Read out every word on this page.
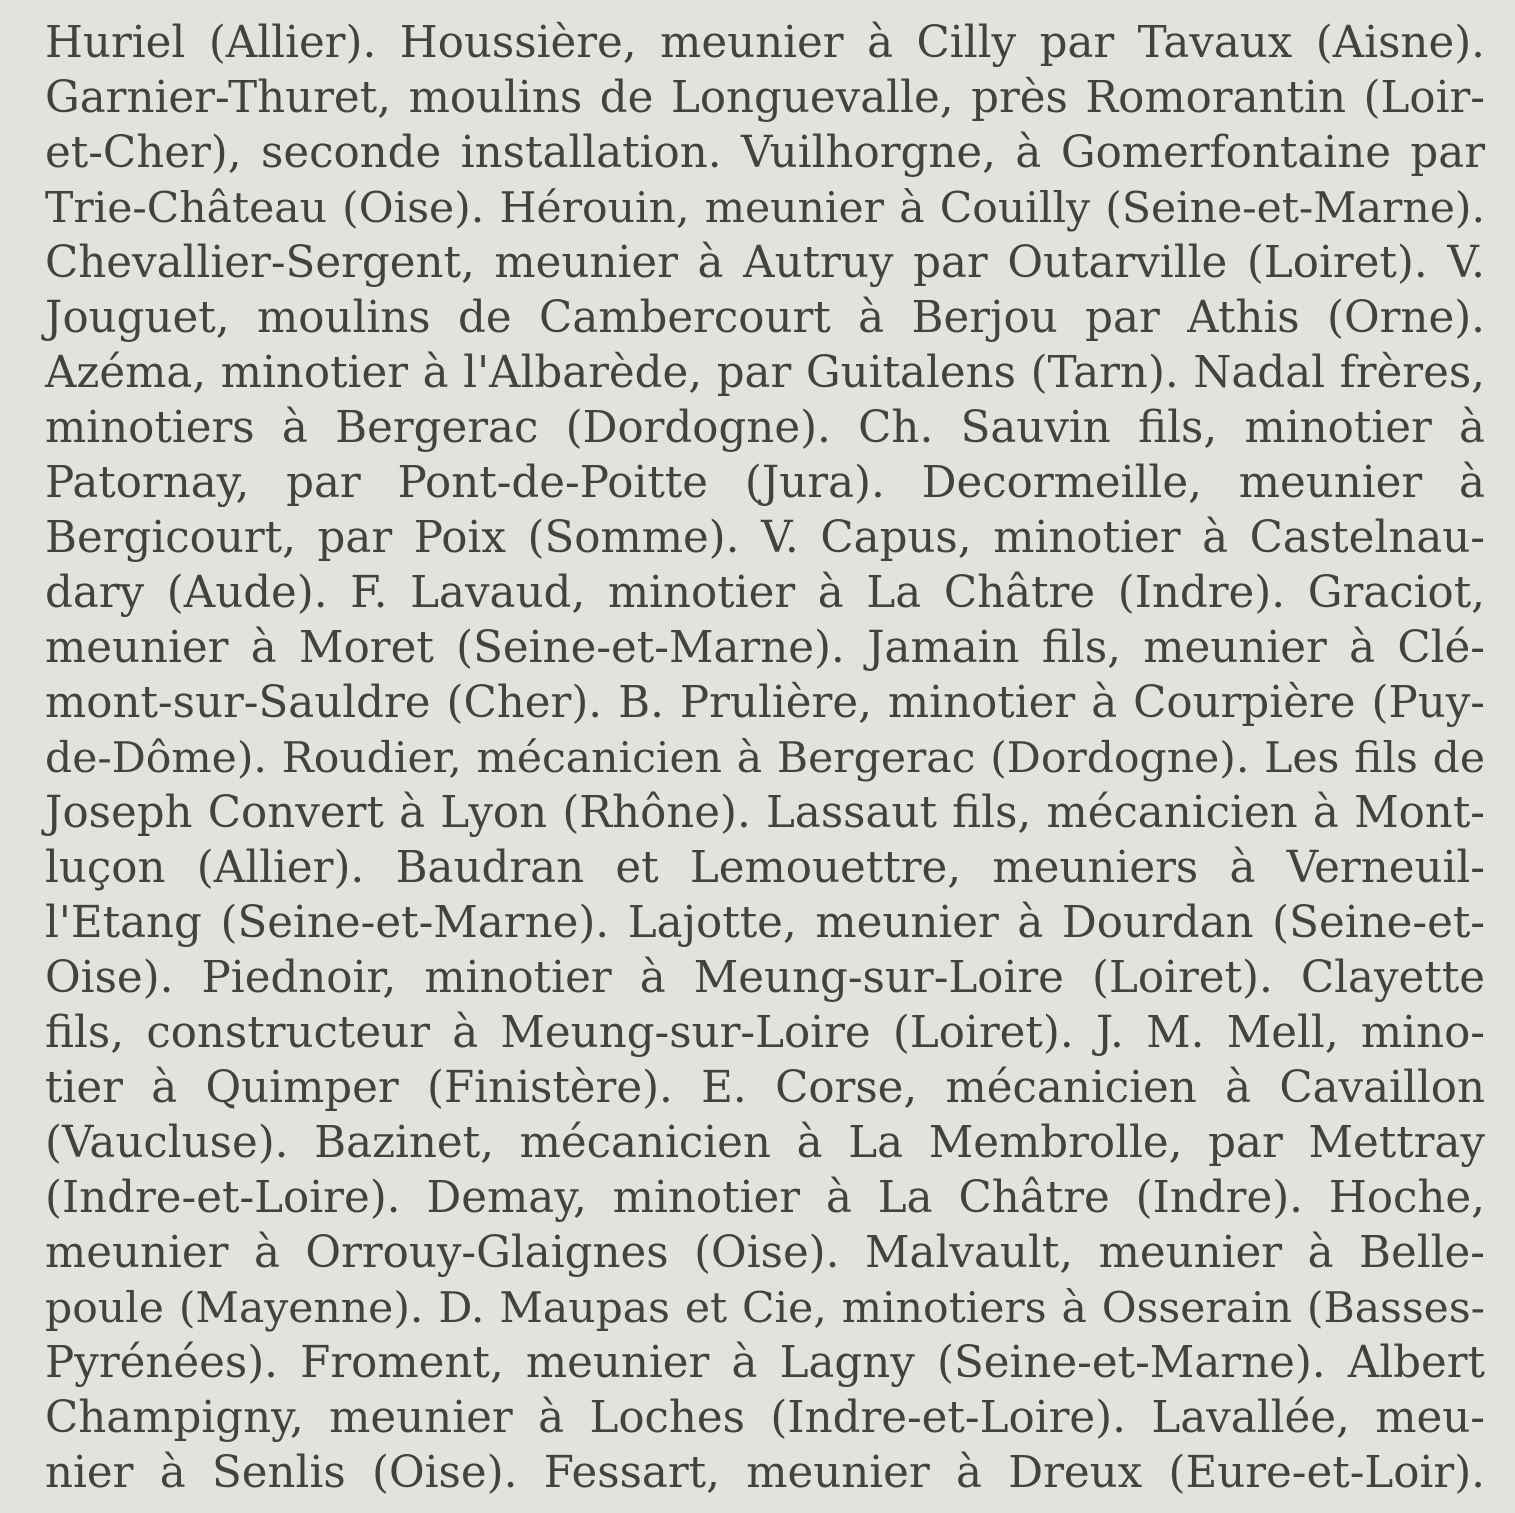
Huriel (Allier). Houssière, meunier à Cilly par Tavaux (Aisne).
Garnier-Thuret, moulins de Longuevalle, près Romorantin (Loir-
et-Cher), seconde installation. Vuilhorgne, à Gomerfontaine par
Trie-Château (Oise). Hérouin, meunier à Couilly (Seine-et-Marne).
Chevallier-Sergent, meunier à Autruy par Outarville (Loiret). V.
Jouguet, moulins de Cambercourt à Berjou par Athis (Orne).
Azéma, minotier à l'Albarède, par Guitalens (Tarn). Nadal frères,
minotiers à Bergerac (Dordogne). Ch. Sauvin fils, minotier à
Patornay, par Pont-de-Poitte (Jura). Decormeille, meunier à
Bergicourt, par Poix (Somme). V. Capus, minotier à Castelnau-
dary (Aude). F. Lavaud, minotier à La Châtre (Indre). Graciot,
meunier à Moret (Seine-et-Marne). Jamain fils, meunier à Clé-
mont-sur-Sauldre (Cher). B. Prulière, minotier à Courpière (Puy-
de-Dôme). Roudier, mécanicien à Bergerac (Dordogne). Les fils de
Joseph Convert à Lyon (Rhône). Lassaut fils, mécanicien à Mont-
luçon (Allier). Baudran et Lemouettre, meuniers à Verneuil-
l'Etang (Seine-et-Marne). Lajotte, meunier à Dourdan (Seine-et-
Oise). Piednoir, minotier à Meung-sur-Loire (Loiret). Clayette
fils, constructeur à Meung-sur-Loire (Loiret). J. M. Mell, mino-
tier à Quimper (Finistère). E. Corse, mécanicien à Cavaillon
(Vaucluse). Bazinet, mécanicien à La Membrolle, par Mettray
(Indre-et-Loire). Demay, minotier à La Châtre (Indre). Hoche,
meunier à Orrouy-Glaignes (Oise). Malvault, meunier à Belle-
poule (Mayenne). D. Maupas et Cie, minotiers à Osserain (Basses-
Pyrénées). Froment, meunier à Lagny (Seine-et-Marne). Albert
Champigny, meunier à Loches (Indre-et-Loire). Lavallée, meu-
nier à Senlis (Oise). Fessart, meunier à Dreux (Eure-et-Loir).
